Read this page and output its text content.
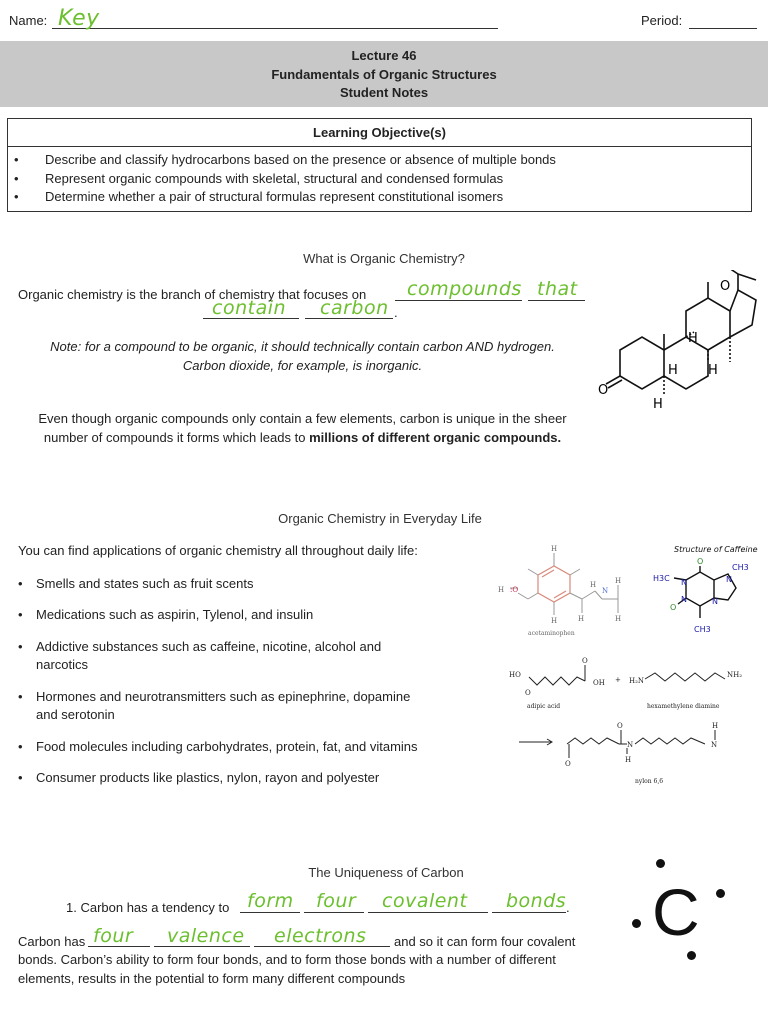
Name: Key	Period:
Lecture 46
Fundamentals of Organic Structures
Student Notes
Learning Objective(s)
• Describe and classify hydrocarbons based on the presence or absence of multiple bonds
• Represent organic compounds with skeletal, structural and condensed formulas
• Determine whether a pair of structural formulas represent constitutional isomers
What is Organic Chemistry?
Organic chemistry is the branch of chemistry that focuses on compounds that
contain carbon .
Note: for a compound to be organic, it should technically contain carbon AND hydrogen.
Carbon dioxide, for example, is inorganic.
Even though organic compounds only contain a few elements, carbon is unique in the sheer
number of compounds it forms which leads to millions of different organic compounds.
O
O
H
H H
H
Organic Chemistry in Everyday Life
You can find applications of organic chemistry all throughout daily life:
• Smells and states such as fruit scents
• Medications such as aspirin, Tylenol, and insulin
• Addictive substances such as caffeine, nicotine, alcohol and
narcotics
• Hormones and neurotransmitters such as epinephrine, dopamine
and serotonin
• Food molecules including carbohydrates, protein, fat, and vitamins
• Consumer products like plastics, nylon, rayon and polyester
H
H
H	H
H
H
H
N
:O
acetaminophen
Structure of Caffeine
O
O
CH3
H3C
CH3
N
N
N
N
HO
O
O
OH + H₂N
NH₂
adipic acid	hexamethylene diamine
O
O
N
H
N
H
nylon 6,6
The Uniqueness of Carbon
1. Carbon has a tendency to form four covalent bonds .
Carbon has four valence electrons and so it can form four covalent
bonds. Carbon’s ability to form four bonds, and to form those bonds with a number of different
elements, results in the potential to form many different compounds
C
